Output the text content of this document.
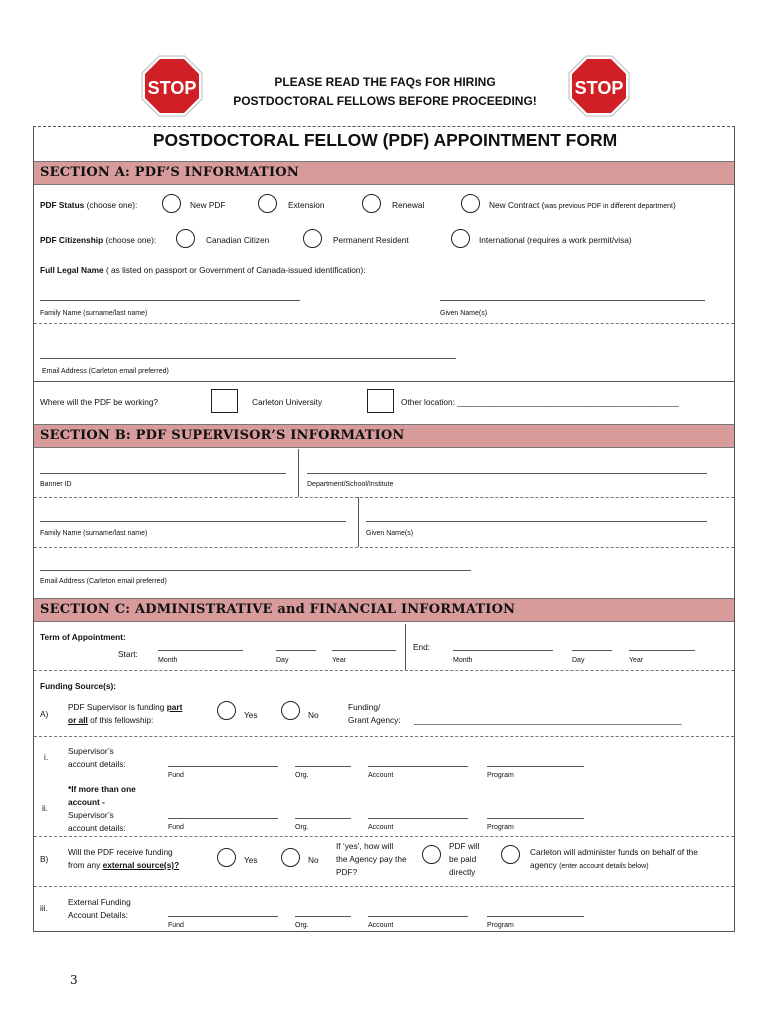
STOP	STOP
PLEASE READ THE FAQs FOR HIRING
POSTDOCTORAL FELLOWS BEFORE PROCEEDING!
POSTDOCTORAL FELLOW (PDF) APPOINTMENT FORM
SECTION A: PDF’S INFORMATION
PDF Status (choose one):	New PDF	Extension	Renewal	New Contract (was previous PDF in different department)
PDF Citizenship (choose one):	Canadian Citizen	Permanent Resident	International (requires a work permit/visa)
Full Legal Name ( as listed on passport or Government of Canada-issued identification):
Family Name (surname/last name)	Given Name(s)
Email Address (Carleton email preferred)
Where will the PDF be working?	Carleton University	Other location: ________________________________________________
SECTION B: PDF SUPERVISOR’S INFORMATION
Banner ID	Department/School/Institute
Family Name (surname/last name)	Given Name(s)
Email Address (Carleton email preferred)
SECTION C: ADMINISTRATIVE and FINANCIAL INFORMATION
Term of Appointment:
Start:
Month	Day	Year
End:
Month	Day	Year
Funding Source(s):
A)
PDF Supervisor is funding part
or all of this fellowship:	Yes	No
Funding/
Grant Agency: __________________________________________________________
i.
Supervisor’s
account details:
Fund	Org.	Account	Program
ii.
*If more than one
account -
Supervisor’s
account details:	Fund	Org.	Account	Program
B)
Will the PDF receive funding
from any external source(s)?	Yes	No
If ‘yes’, how will
the Agency pay the
PDF?
PDF will
be paid
directly
Carleton will administer funds on behalf of the
agency (enter account details below)
iii.
External Funding
Account Details:
Fund	Org.	Account	Program
3
